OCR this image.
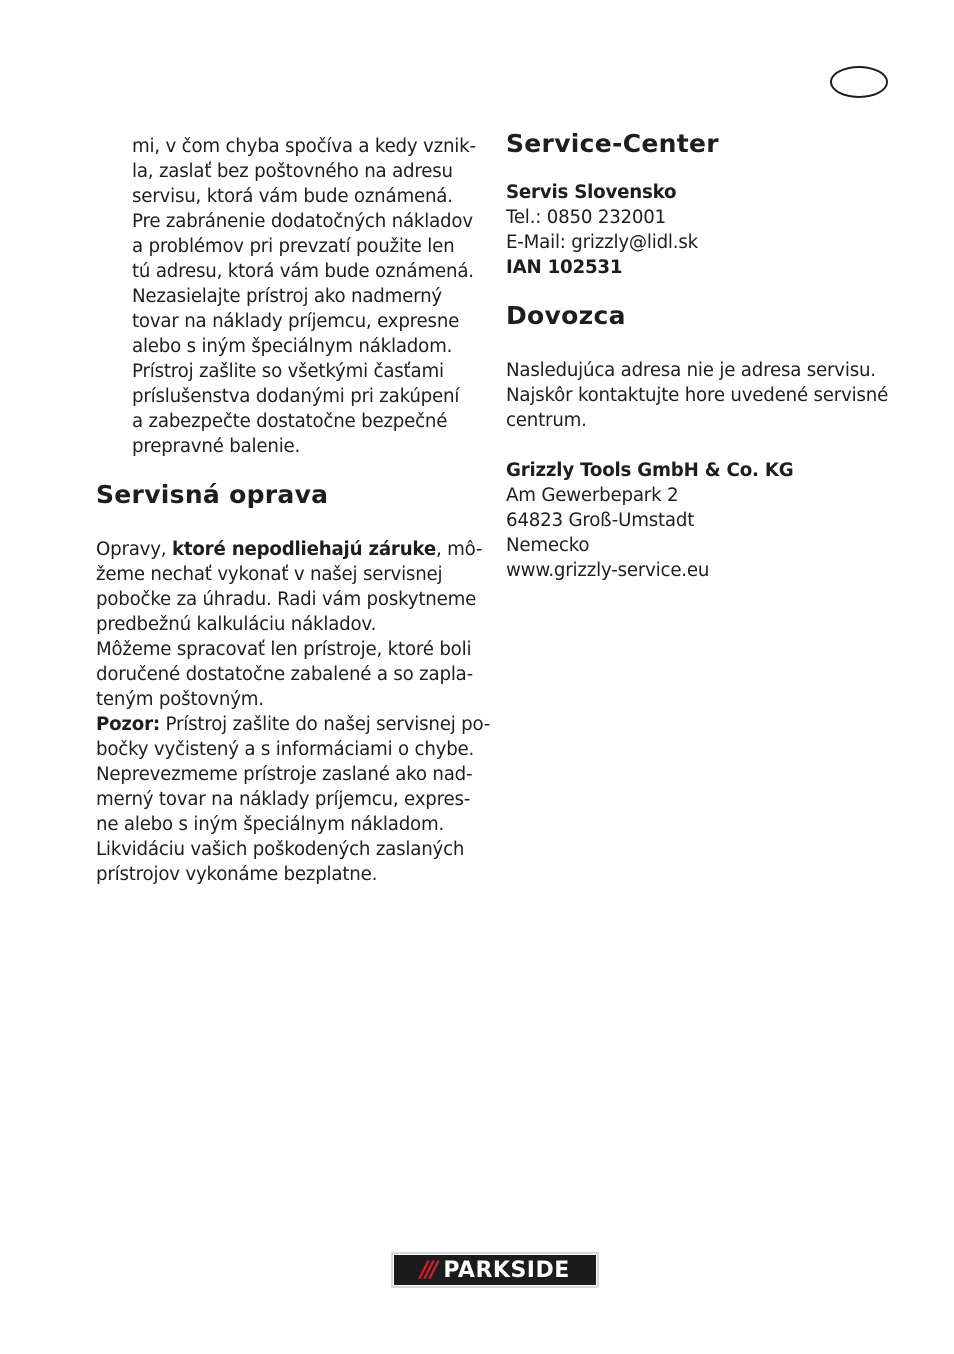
mi, v čom chyba spočíva a kedy vznik-
la, zaslať bez poštovného na adresu
servisu, ktorá vám bude oznámená.
Pre zabránenie dodatočných nákladov
a problémov pri prevzatí použite len
tú adresu, ktorá vám bude oznámená.
Nezasielajte prístroj ako nadmerný
tovar na náklady príjemcu, expresne
alebo s iným špeciálnym nákladom.
Prístroj zašlite so všetkými časťami
príslušenstva dodanými pri zakúpení
a zabezpečte dostatočne bezpečné
prepravné balenie.
Servisná oprava
Opravy, ktoré nepodliehajú záruke, mô-
žeme nechať vykonať v našej servisnej
pobočke za úhradu. Radi vám poskytneme
predbežnú kalkuláciu nákladov.
Môžeme spracovať len prístroje, ktoré boli
doručené dostatočne zabalené a so zapla-
teným poštovným.
Pozor: Prístroj zašlite do našej servisnej po-
bočky vyčistený a s informáciami o chybe.
Neprevezmeme prístroje zaslané ako nad-
merný tovar na náklady príjemcu, expres-
ne alebo s iným špeciálnym nákladom.
Likvidáciu vašich poškodených zaslaných
prístrojov vykonáme bezplatne.
Service-Center
Servis Slovensko
Tel.: 0850 232001
E-Mail: grizzly@lidl.sk
IAN 102531
Dovozca
Nasledujúca adresa nie je adresa servisu.
Najskôr kontaktujte hore uvedené servisné
centrum.
Grizzly Tools GmbH & Co. KG
Am Gewerbepark 2
64823 Groß-Umstadt
Nemecko
www.grizzly-service.eu
/// PARKSIDE
